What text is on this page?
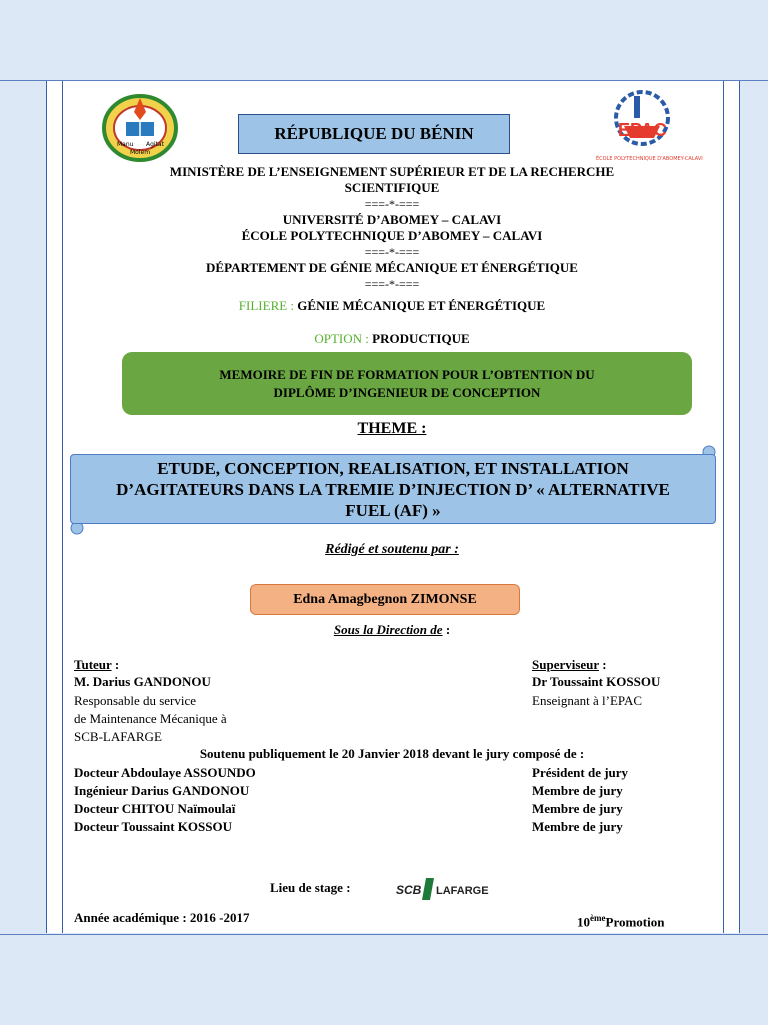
Manu Agitat
Molem
EPAC
ÉCOLE POLYTECHNIQUE D'ABOMEY-CALAVI
RÉPUBLIQUE DU BÉNIN
MINISTÈRE DE L’ENSEIGNEMENT SUPÉRIEUR ET DE LA RECHERCHE
SCIENTIFIQUE
===-*-===
UNIVERSITÉ D’ABOMEY – CALAVI
ÉCOLE POLYTECHNIQUE D’ABOMEY – CALAVI
===-*-===
DÉPARTEMENT DE GÉNIE MÉCANIQUE ET ÉNERGÉTIQUE
===-*-===
FILIERE : GÉNIE MÉCANIQUE ET ÉNERGÉTIQUE
OPTION : PRODUCTIQUE
MEMOIRE DE FIN DE FORMATION POUR L’OBTENTION DU
DIPLÔME D’INGENIEUR DE CONCEPTION
THEME :
ETUDE, CONCEPTION, REALISATION, ET INSTALLATION
D’AGITATEURS DANS LA TREMIE D’INJECTION D’ « ALTERNATIVE
FUEL (AF) »
Rédigé et soutenu par :
Edna Amagbegnon ZIMONSE
Sous la Direction de :
Tuteur :
M. Darius GANDONOU
Responsable du service
de Maintenance Mécanique à
SCB-LAFARGE
Superviseur :
Dr Toussaint KOSSOU
Enseignant à l’EPAC
Soutenu publiquement le 20 Janvier 2018 devant le jury composé de :
Docteur Abdoulaye ASSOUNDO	Président de jury
Ingénieur Darius GANDONOU	Membre de jury
Docteur CHITOU Naïmoulaï	Membre de jury
Docteur Toussaint KOSSOU	Membre de jury
Lieu de stage :	SCB LAFARGE
Année académique : 2016 -2017	10èmePromotion
